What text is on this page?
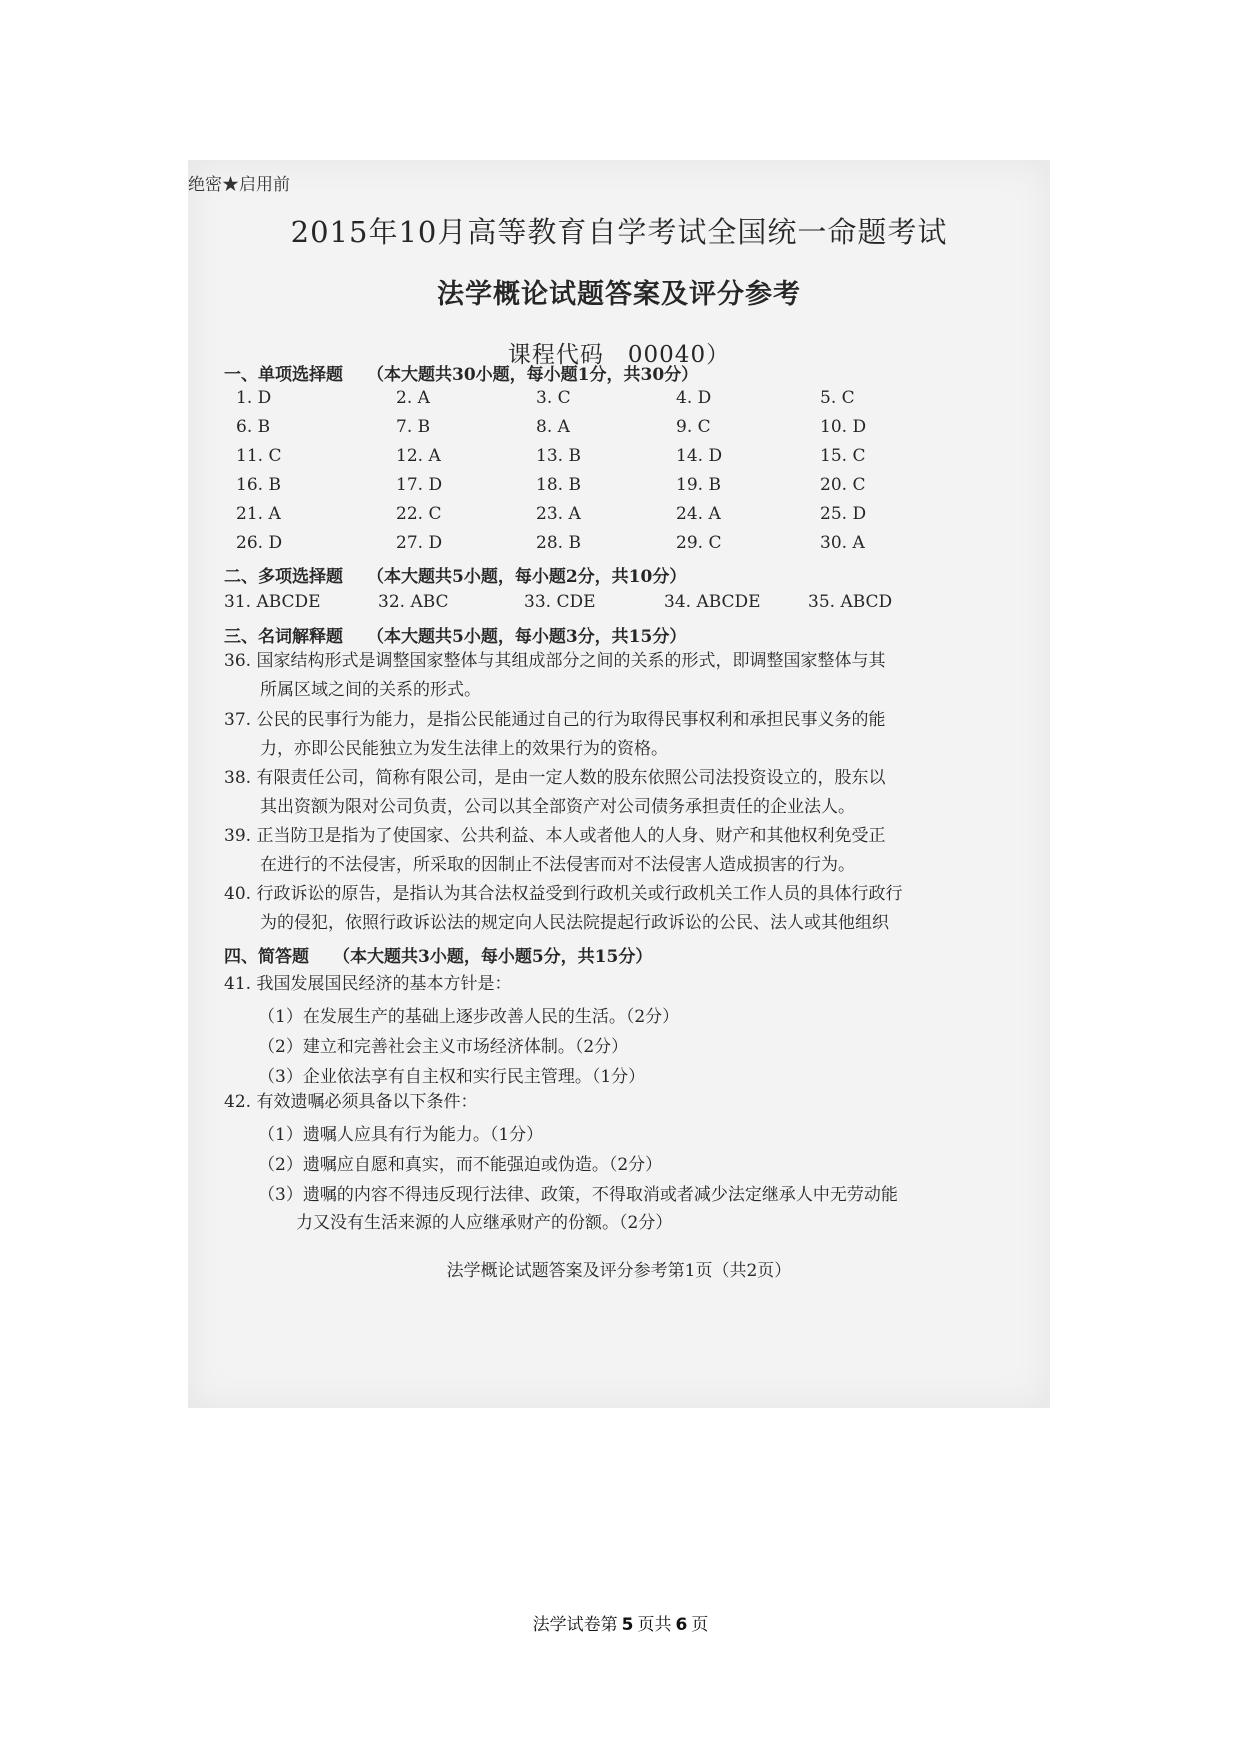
绝密★启用前
2015年10月高等教育自学考试全国统一命题考试
法学概论试题答案及评分参考
课程代码　00040）
一、单项选择题 （本大题共30小题，每小题1分，共30分）
1. D	2. A	3. C	4. D	5. C
6. B	7. B	8. A	9. C	10. D
11. C	12. A	13. B	14. D	15. C
16. B	17. D	18. B	19. B	20. C
21. A	22. C	23. A	24. A	25. D
26. D	27. D	28. B	29. C	30. A
二、多项选择题 （本大题共5小题，每小题2分，共10分）
31. ABCDE	32. ABC	33. CDE	34. ABCDE	35. ABCD
三、名词解释题 （本大题共5小题，每小题3分，共15分）
36. 国家结构形式是调整国家整体与其组成部分之间的关系的形式，即调整国家整体与其
所属区域之间的关系的形式。
37. 公民的民事行为能力，是指公民能通过自己的行为取得民事权利和承担民事义务的能
力，亦即公民能独立为发生法律上的效果行为的资格。
38. 有限责任公司，简称有限公司，是由一定人数的股东依照公司法投资设立的，股东以
其出资额为限对公司负责，公司以其全部资产对公司债务承担责任的企业法人。
39. 正当防卫是指为了使国家、公共利益、本人或者他人的人身、财产和其他权利免受正
在进行的不法侵害，所采取的因制止不法侵害而对不法侵害人造成损害的行为。
40. 行政诉讼的原告，是指认为其合法权益受到行政机关或行政机关工作人员的具体行政行
为的侵犯，依照行政诉讼法的规定向人民法院提起行政诉讼的公民、法人或其他组织
四、简答题 （本大题共3小题，每小题5分，共15分）
41. 我国发展国民经济的基本方针是：
（1）在发展生产的基础上逐步改善人民的生活。（2分）
（2）建立和完善社会主义市场经济体制。（2分）
（3）企业依法享有自主权和实行民主管理。（1分）
42. 有效遗嘱必须具备以下条件：
（1）遗嘱人应具有行为能力。（1分）
（2）遗嘱应自愿和真实，而不能强迫或伪造。（2分）
（3）遗嘱的内容不得违反现行法律、政策，不得取消或者减少法定继承人中无劳动能
力又没有生活来源的人应继承财产的份额。（2分）
法学概论试题答案及评分参考第1页（共2页）
法学试卷第 5 页共 6 页
